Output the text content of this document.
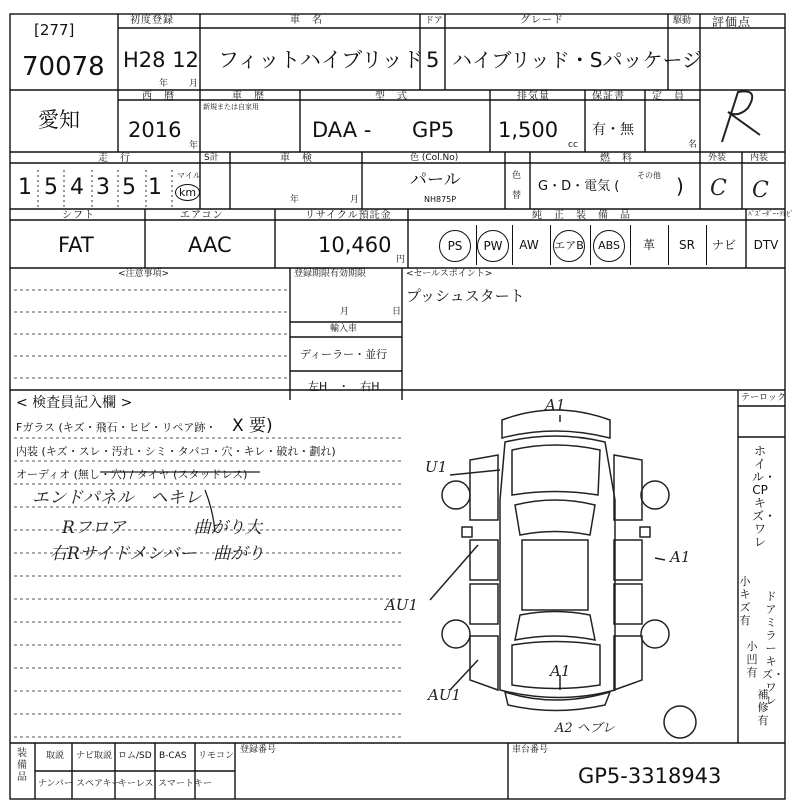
[277]
70078
初度登録
H28 12
年 月
車　名
フィットハイブリッド
ドア
5
グレード
ハイブリッド・Sパッケージ
駆動 評価点
愛知
西　暦
2016
年
車　歴
新規または自家用
型　式
DAA - GP5
排気量
1,500
cc
保証書
有・無
定　員
名
走　行
154351
S計
マイル
km
車　検
年	月
色 (Col.No)
パール
NH875P
色
替
燃　料
G・D・電気 (
その他 )
外装
C
内装
C
シフト
FAT
エアコン
AAC
リサイクル預託金
10,460
円
純　正　装　備　品	ﾊﾟｽﾞｰﾀﾞｰ･ﾃﾚﾋﾞ
PS	PW	AW	エアB	ABS	革	SR	ナビ	DTV
<注意事項>	登録期限有効期限
月	日
輸入車
ディーラー・並行
左H　・　右H
<セールスポイント>
プッシュスタート
< 検査員記入欄 >
Fガラス (キズ・飛石・ヒビ・リペア跡・ X 要)
内装 (キズ・スレ・汚れ・シミ・タバコ・穴・キレ・破れ・劃れ)
オーディオ (無し・穴) / タイヤ (スタッドレス)
エンドパネル　ヘキレ
Rフロア　　　　曲がり大
右Rサイドメンバー　曲がり
A1
U1
A1
AU1
A1
AU1
A2 ヘブレ
テーロック
ホイル・CPキズ・ワレ
小キズ有
ドアミラーキズ・ワレ
小凹有
補修有
装備品
取説 ナビ取説 ロム/SD B-CAS リモコン
ナンバー スペアキー
キーレス スマートキー
登録番号	車台番号
GP5-3318943
